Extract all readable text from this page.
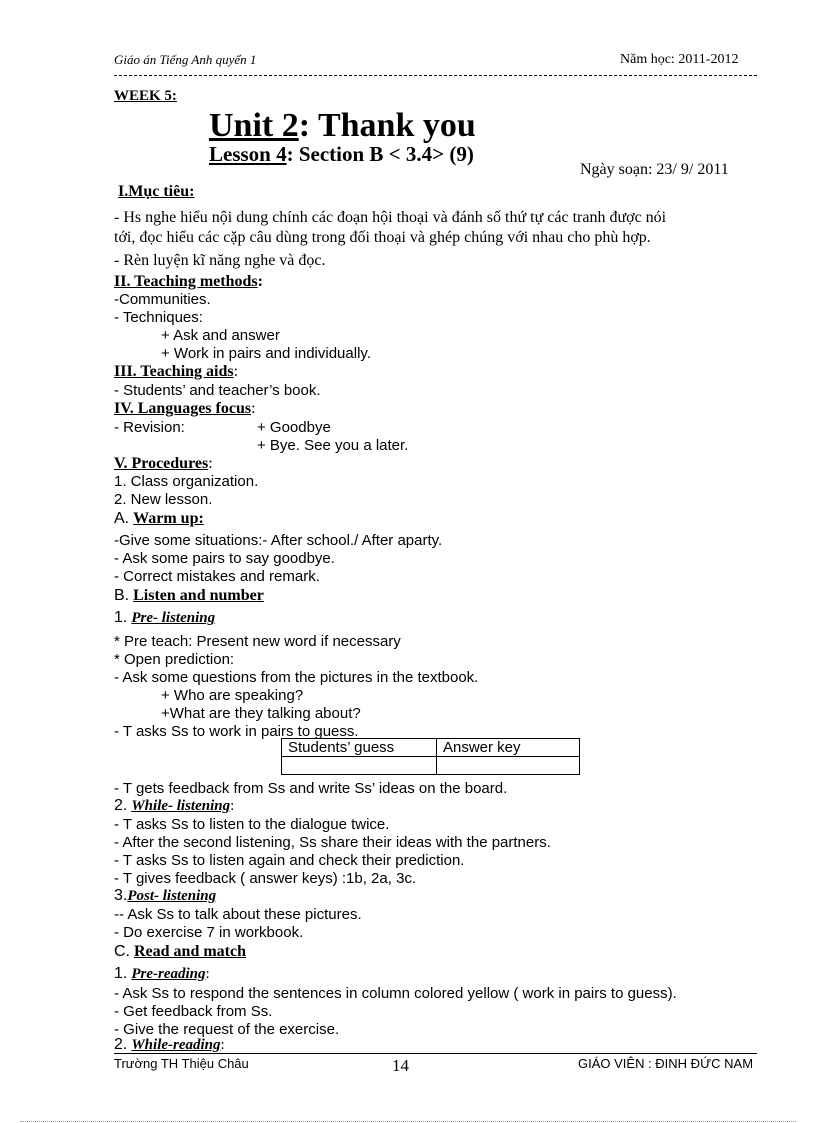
Giáo án Tiếng Anh quyển 1	Năm học: 2011-2012
WEEK 5:
Unit 2: Thank you
Lesson 4: Section B < 3.4> (9)
Ngày soạn: 23/ 9/ 2011
I.Mục tiêu:
- Hs nghe hiểu nội dung chính các đoạn hội thoại và đánh số thứ tự các tranh được nói
tới, đọc hiểu các cặp câu dùng trong đối thoại và ghép chúng với nhau cho phù hợp.
- Rèn luyện kĩ năng nghe và đọc.
II. Teaching methods:
-Communities.
- Techniques:
+ Ask and answer
+ Work in pairs and individually.
III. Teaching aids:
- Students’ and teacher’s book.
IV. Languages focus:
- Revision:	+ Goodbye
+ Bye. See you a later.
V. Procedures:
1. Class organization.
2. New lesson.
A. Warm up:
-Give some situations:- After school./ After aparty.
- Ask some pairs to say goodbye.
- Correct mistakes and remark.
B. Listen and number
1. Pre- listening
* Pre teach: Present new word if necessary
* Open prediction:
- Ask some questions from the pictures in the textbook.
+ Who are speaking?
+What are they talking about?
- T asks Ss to work in pairs to guess.
Students’ guess	Answer key

- T gets feedback from Ss and write Ss’ ideas on the board.
2. While- listening:
- T asks Ss to listen to the dialogue twice.
- After the second listening, Ss share their ideas with the partners.
- T asks Ss to listen again and check their prediction.
- T gives feedback ( answer keys) :1b, 2a, 3c.
3.Post- listening
-- Ask Ss to talk about these pictures.
- Do exercise 7 in workbook.
C. Read and match
1. Pre-reading:
- Ask Ss to respond the sentences in column colored yellow ( work in pairs to guess).
- Get feedback from Ss.
- Give the request of the exercise.
2. While-reading:
Trường TH Thiệu Châu	14	GIÁO VIÊN : ĐINH ĐỨC NAM
